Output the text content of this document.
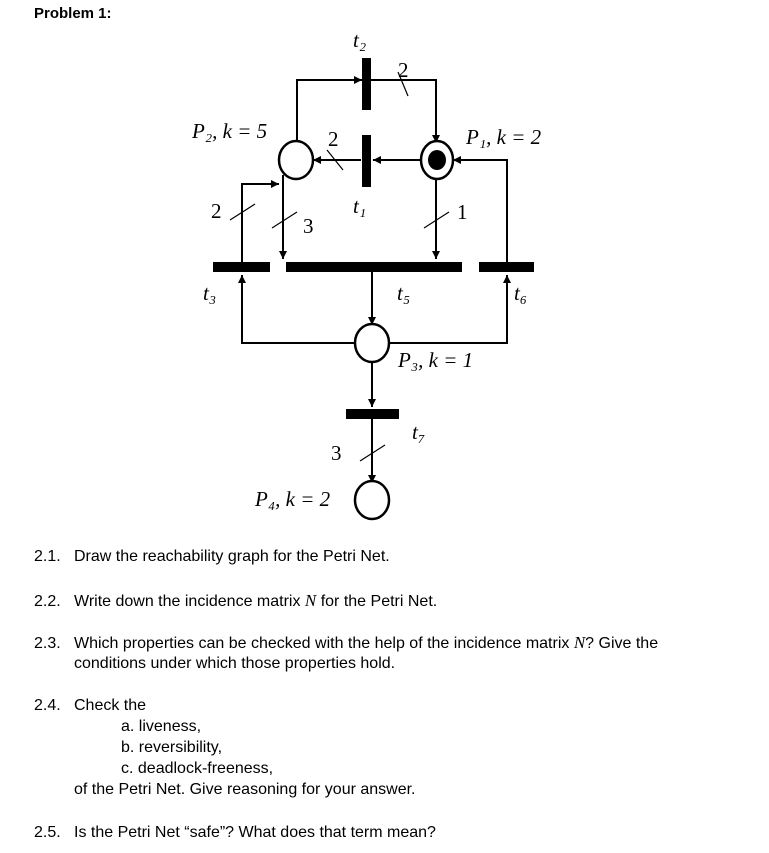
Problem 1:
P₂, k = 5	P₁, k = 2
P₃, k = 1
P₄, k = 2
t₂
t₁
t₃	t₅	t₆
t₇
2
2
2
3
1
3
2.1. Draw the reachability graph for the Petri Net.
2.2. Write down the incidence matrix N for the Petri Net.
2.3. Which properties can be checked with the help of the incidence matrix N? Give the
conditions under which those properties hold.
2.4. Check the
a. liveness,
b. reversibility,
c. deadlock-freeness,
of the Petri Net. Give reasoning for your answer.
2.5. Is the Petri Net “safe”? What does that term mean?
